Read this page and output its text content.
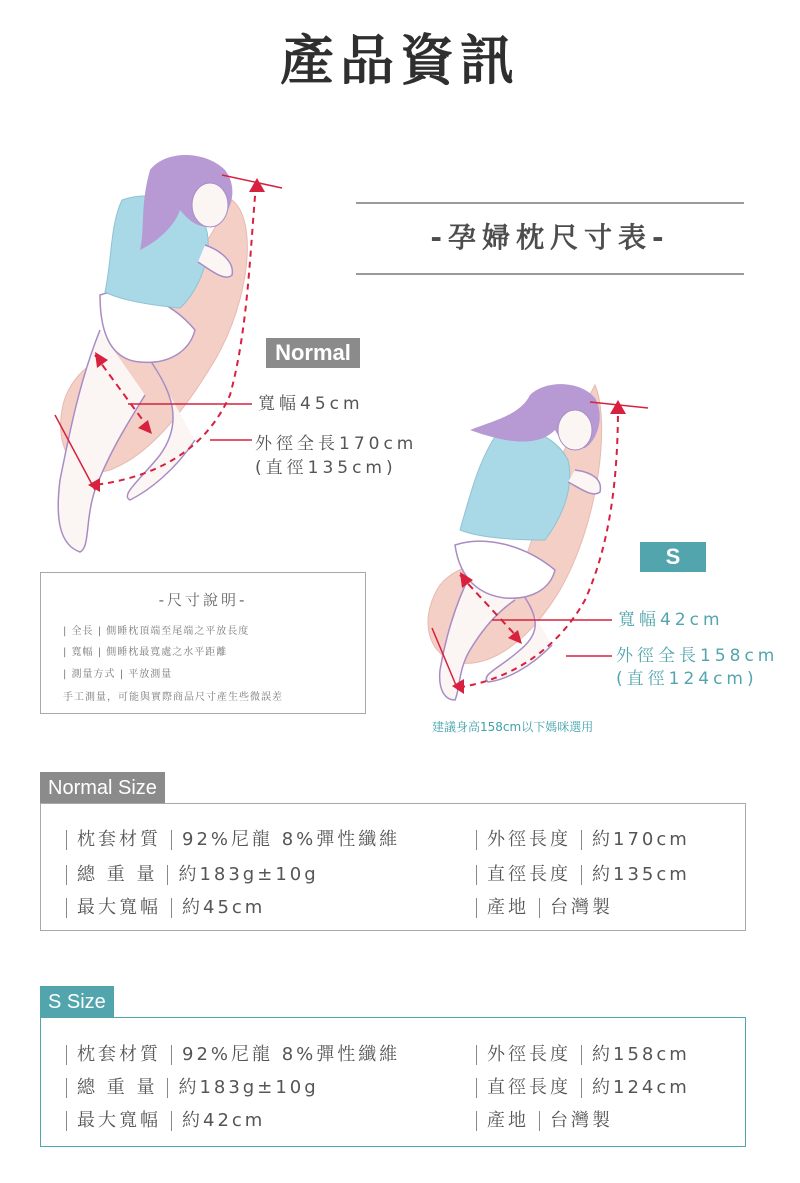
產品資訊
-孕婦枕尺寸表-
Normal
寬幅45cm
外徑全長170cm
(直徑135cm)
S
寬幅42cm
外徑全長158cm
(直徑124cm)
-尺寸說明-
| 全長 | 側睡枕頂端至尾端之平放長度
| 寬幅 | 側睡枕最寬處之水平距離
| 測量方式 | 平放測量
手工測量，可能與實際商品尺寸產生些微誤差
建議身高158cm以下媽咪選用
Normal Size
枕套材質 92%尼龍 8%彈性纖維
總 重 量 約183g±10g
最大寬幅 約45cm
外徑長度 約170cm
直徑長度 約135cm
產地 台灣製
S Size
枕套材質 92%尼龍 8%彈性纖維
總 重 量 約183g±10g
最大寬幅 約42cm
外徑長度 約158cm
直徑長度 約124cm
產地 台灣製
